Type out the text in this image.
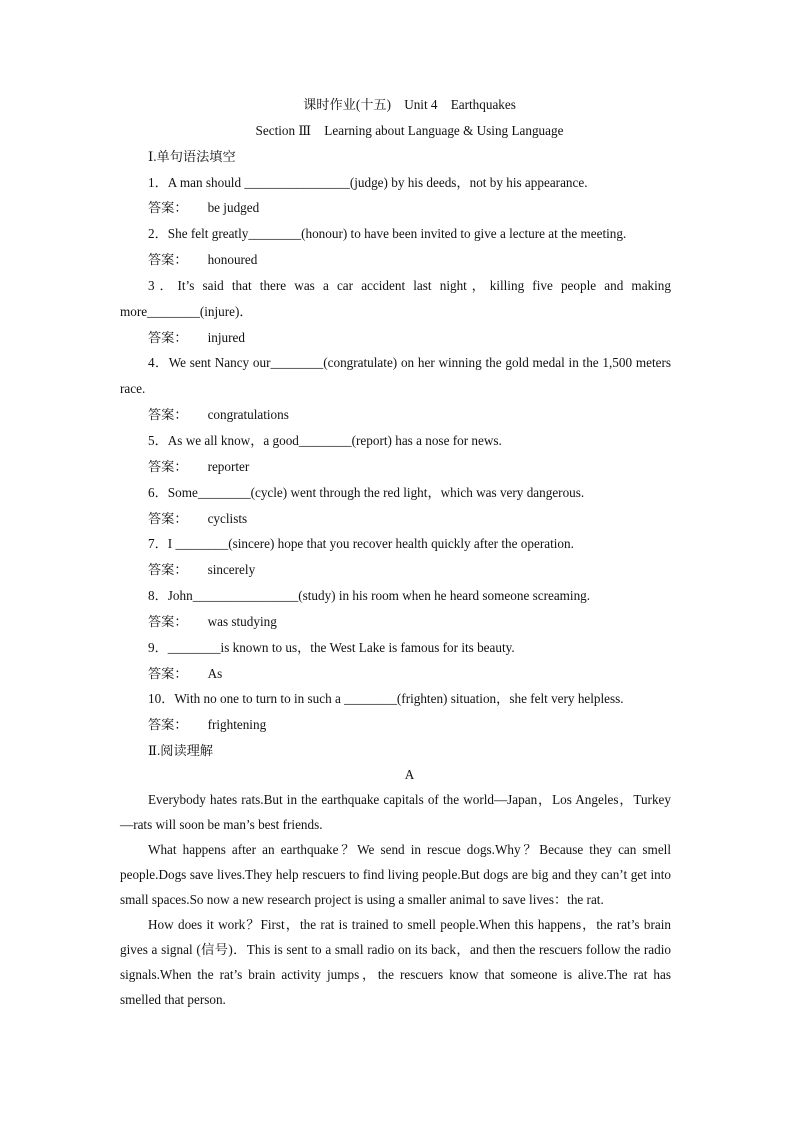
课时作业(十五)　Unit 4　Earthquakes
Section Ⅲ　Learning about Language & Using Language
Ⅰ.单句语法填空
1．A man should ________________(judge) by his deeds，not by his appearance.
答案： be judged
2．She felt greatly________(honour) to have been invited to give a lecture at the meeting.
答案： honoured
3．It’s said that there was a car accident last night，killing five people and making more________(injure)．
答案： injured
4．We sent Nancy our________(congratulate) on her winning the gold medal in the 1,500 meters race.
答案： congratulations
5．As we all know，a good________(report) has a nose for news.
答案： reporter
6．Some________(cycle) went through the red light，which was very dangerous.
答案： cyclists
7．I ________(sincere) hope that you recover health quickly after the operation.
答案： sincerely
8．John________________(study) in his room when he heard someone screaming.
答案： was studying
9．________is known to us，the West Lake is famous for its beauty.
答案： As
10．With no one to turn to in such a ________(frighten) situation，she felt very helpless.
答案： frightening
Ⅱ.阅读理解
A
Everybody hates rats.But in the earthquake capitals of the world—Japan，Los Angeles，Turkey—rats will soon be man’s best friends.
What happens after an earthquake？We send in rescue dogs.Why？Because they can smell people.Dogs save lives.They help rescuers to find living people.But dogs are big and they can’t get into small spaces.So now a new research project is using a smaller animal to save lives：the rat.
How does it work？First，the rat is trained to smell people.When this happens，the rat’s brain gives a signal (信号)．This is sent to a small radio on its back，and then the rescuers follow the radio signals.When the rat’s brain activity jumps，the rescuers know that someone is alive.The rat has smelled that person.
